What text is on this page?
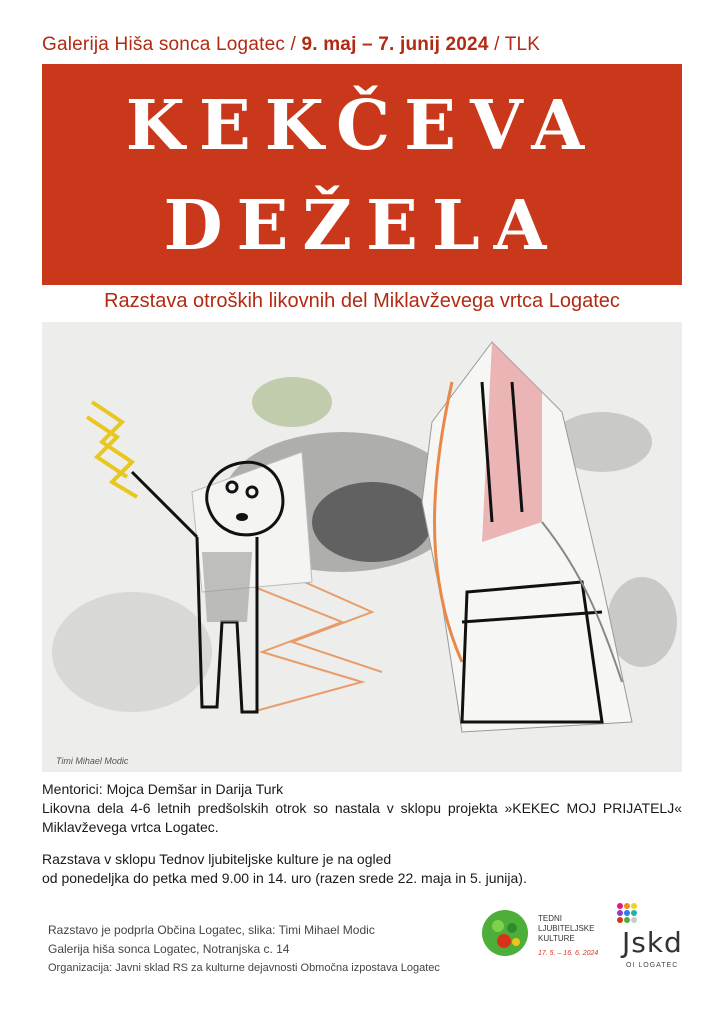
Galerija Hiša sonca Logatec / 9. maj – 7. junij 2024 / TLK
KEKČEVA
DEŽELA
Razstava otroških likovnih del Miklavževega vrtca Logatec
Timi Mihael Modic

Mentorici: Mojca Demšar in Darija Turk

Likovna dela 4-6 letnih predšolskih otrok so nastala v sklopu projekta »KEKEC MOJ PRIJATELJ« Miklavževega vrtca Logatec.

Razstava v sklopu Tednov ljubiteljske kulture je na ogled

od ponedeljka do petka med 9.00 in 14. uro (razen srede 22. maja in 5. junija).

Razstavo je podprla Občina Logatec, slika: Timi Mihael Modic
Galerija hiša sonca Logatec, Notranjska c. 14
Organizacija: Javni sklad RS za kulturne dejavnosti Območna izpostava Logatec
TEDNI
LJUBITELJSKE
KULTURE
17. 5. – 16. 6. 2024 Jskd
OI LOGATEC
